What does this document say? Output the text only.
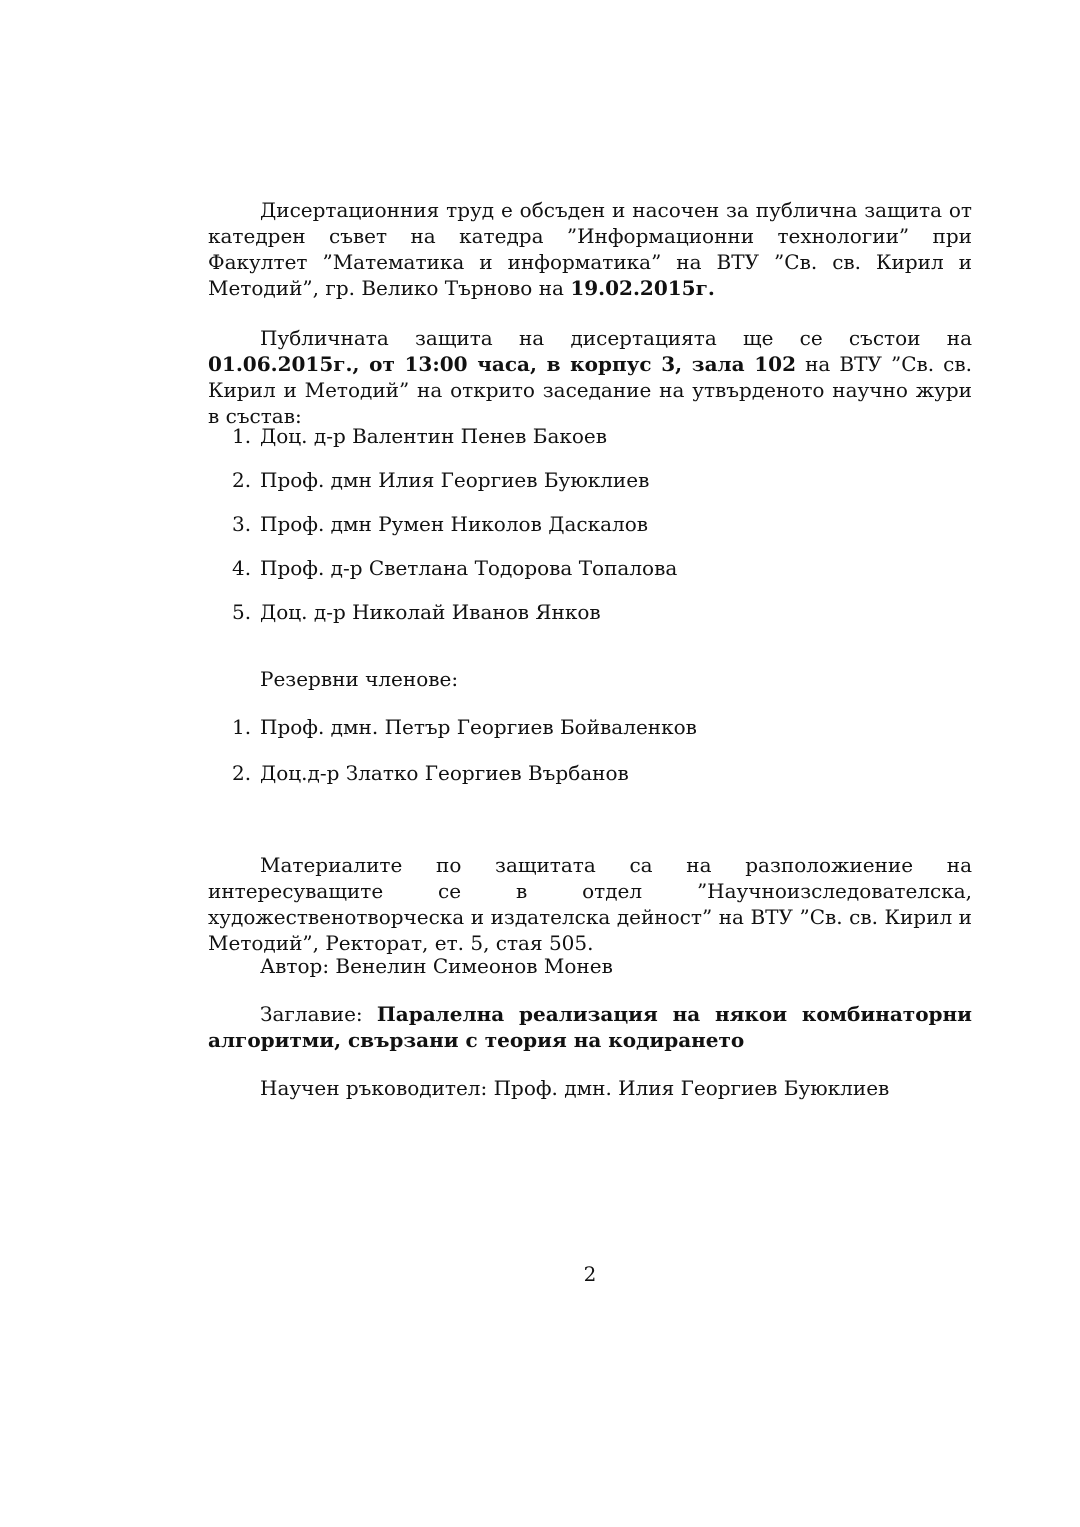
Дисертационния труд е обсъден и насочен за публична защита от катедрен съвет на катедра ”Информационни технологии” при Факултет ”Математика и информатика” на ВТУ ”Св. св. Кирил и Методий”, гр. Велико Търново на 19.02.2015г.

Публичната защита на дисертацията ще се състои на 01.06.2015г., от 13:00 часа, в корпус 3, зала 102 на ВТУ ”Св. св. Кирил и Методий” на открито заседание на утвърденото научно жури в състав:

1. Доц. д-р Валентин Пенев Бакоев
2. Проф. дмн Илия Георгиев Буюклиев
3. Проф. дмн Румен Николов Даскалов
4. Проф. д-р Светлана Тодорова Топалова
5. Доц. д-р Николай Иванов Янков
Резервни членове:
1. Проф. дмн. Петър Георгиев Бойваленков
2. Доц.д-р Златко Георгиев Върбанов

Материалите по защитата са на разположиение на интересуващите се в отдел ”Научноизследователска, художественотворческа и издателска дейност” на ВТУ ”Св. св. Кирил и Методий”, Ректорат, ет. 5, стая 505.

Автор: Венелин Симеонов Монев

Заглавие: Паралелна реализация на някои комбинаторни алгоритми, свързани с теория на кодирането

Научен ръководител: Проф. дмн. Илия Георгиев Буюклиев
2
